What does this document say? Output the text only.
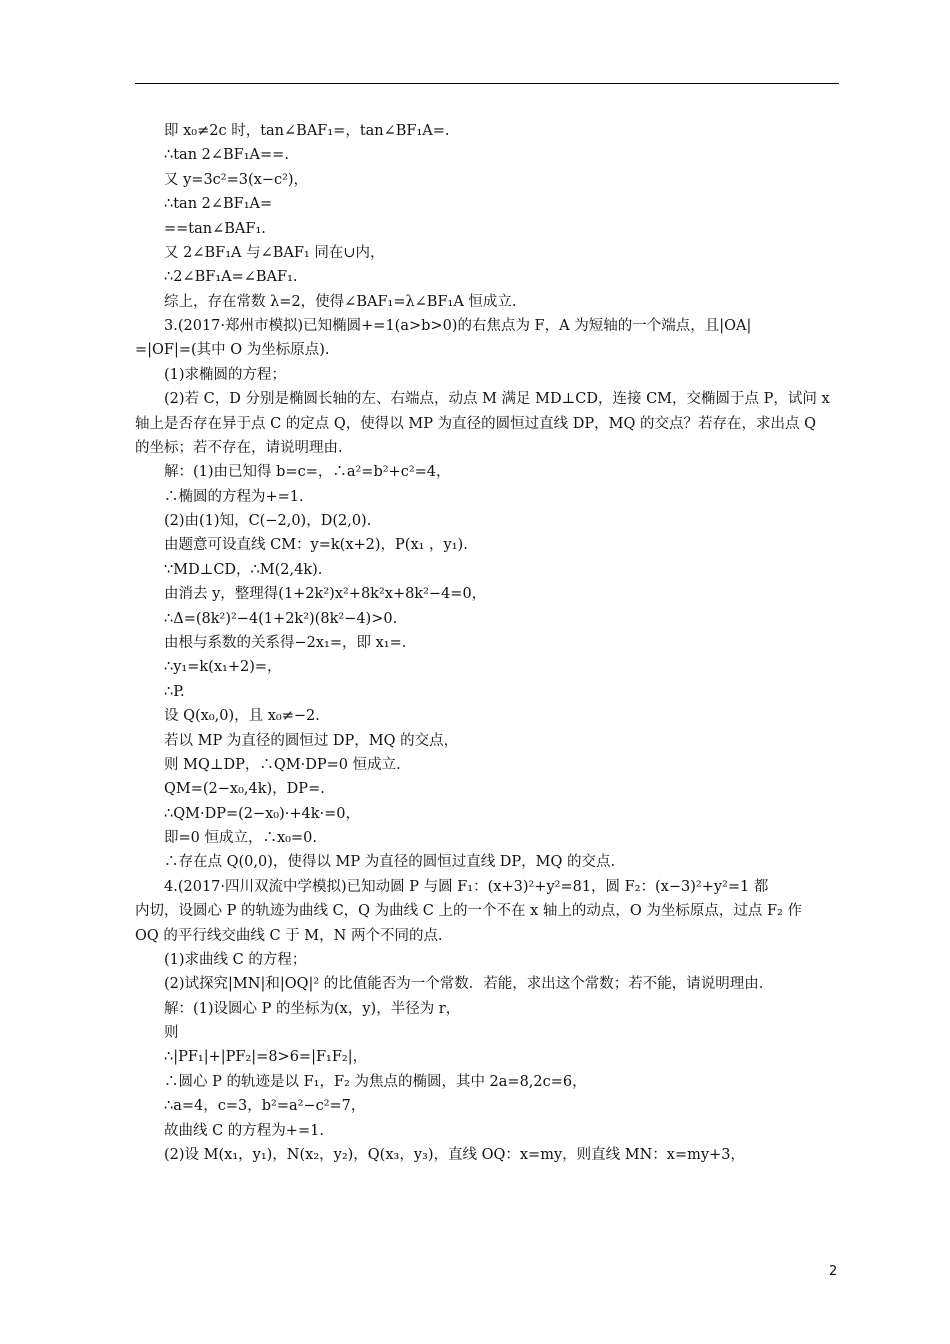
即 x₀≠2c 时，tan∠BAF₁=，tan∠BF₁A=.
∴tan 2∠BF₁A==.
又 y=3c²=3(x−c²)，
∴tan 2∠BF₁A=
==tan∠BAF₁.
又 2∠BF₁A 与∠BAF₁ 同在∪内，
∴2∠BF₁A=∠BAF₁.
综上，存在常数 λ=2，使得∠BAF₁=λ∠BF₁A 恒成立.
3.(2017·郑州市模拟)已知椭圆+=1(a>b>0)的右焦点为 F，A 为短轴的一个端点，且|OA|
=|OF|=(其中 O 为坐标原点).
(1)求椭圆的方程；
(2)若 C，D 分别是椭圆长轴的左、右端点，动点 M 满足 MD⊥CD，连接 CM，交椭圆于点 P，试问 x
轴上是否存在异于点 C 的定点 Q，使得以 MP 为直径的圆恒过直线 DP，MQ 的交点？若存在，求出点 Q
的坐标；若不存在，请说明理由.
解：(1)由已知得 b=c=，∴a²=b²+c²=4，
∴椭圆的方程为+=1.
(2)由(1)知，C(−2,0)，D(2,0).
由题意可设直线 CM：y=k(x+2)，P(x₁ ，y₁).
∵MD⊥CD，∴M(2,4k).
由消去 y，整理得(1+2k²)x²+8k²x+8k²−4=0，
∴Δ=(8k²)²−4(1+2k²)(8k²−4)>0.
由根与系数的关系得−2x₁=，即 x₁=.
∴y₁=k(x₁+2)=，
∴P.
设 Q(x₀,0)，且 x₀≠−2.
若以 MP 为直径的圆恒过 DP，MQ 的交点，
则 MQ⊥DP，∴QM·DP=0 恒成立.
QM=(2−x₀,4k)，DP=.
∴QM·DP=(2−x₀)·+4k·=0，
即=0 恒成立，∴x₀=0.
∴存在点 Q(0,0)，使得以 MP 为直径的圆恒过直线 DP，MQ 的交点.
4.(2017·四川双流中学模拟)已知动圆 P 与圆 F₁：(x+3)²+y²=81，圆 F₂：(x−3)²+y²=1 都
内切，设圆心 P 的轨迹为曲线 C，Q 为曲线 C 上的一个不在 x 轴上的动点，O 为坐标原点，过点 F₂ 作
OQ 的平行线交曲线 C 于 M，N 两个不同的点.
(1)求曲线 C 的方程；
(2)试探究|MN|和|OQ|² 的比值能否为一个常数．若能，求出这个常数；若不能，请说明理由.
解：(1)设圆心 P 的坐标为(x，y)，半径为 r，
则
∴|PF₁|+|PF₂|=8>6=|F₁F₂|，
∴圆心 P 的轨迹是以 F₁，F₂ 为焦点的椭圆，其中 2a=8,2c=6，
∴a=4，c=3，b²=a²−c²=7，
故曲线 C 的方程为+=1.
(2)设 M(x₁，y₁)，N(x₂，y₂)，Q(x₃，y₃)，直线 OQ：x=my，则直线 MN：x=my+3，
2
